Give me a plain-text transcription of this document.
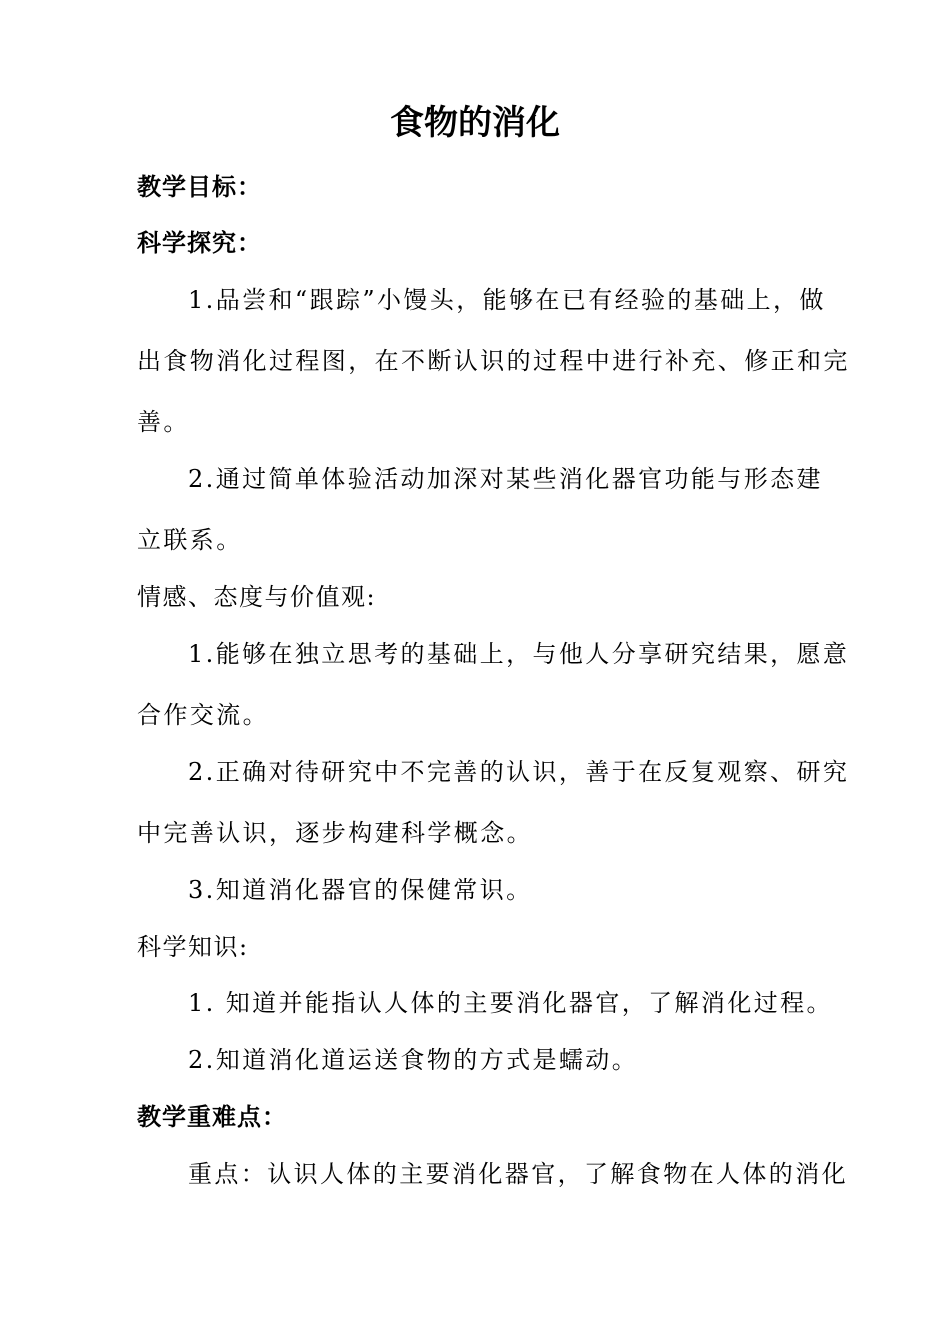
食物的消化
教学目标：
科学探究：
1.品尝和“跟踪”小馒头，能够在已有经验的基础上，做
出食物消化过程图，在不断认识的过程中进行补充、修正和完
善。
2.通过简单体验活动加深对某些消化器官功能与形态建
立联系。
情感、态度与价值观:
1.能够在独立思考的基础上，与他人分享研究结果，愿意
合作交流。
2.正确对待研究中不完善的认识，善于在反复观察、研究
中完善认识，逐步构建科学概念。
3.知道消化器官的保健常识。
科学知识:
1. 知道并能指认人体的主要消化器官，了解消化过程。
2.知道消化道运送食物的方式是蠕动。
教学重难点：
重点：认识人体的主要消化器官，了解食物在人体的消化
